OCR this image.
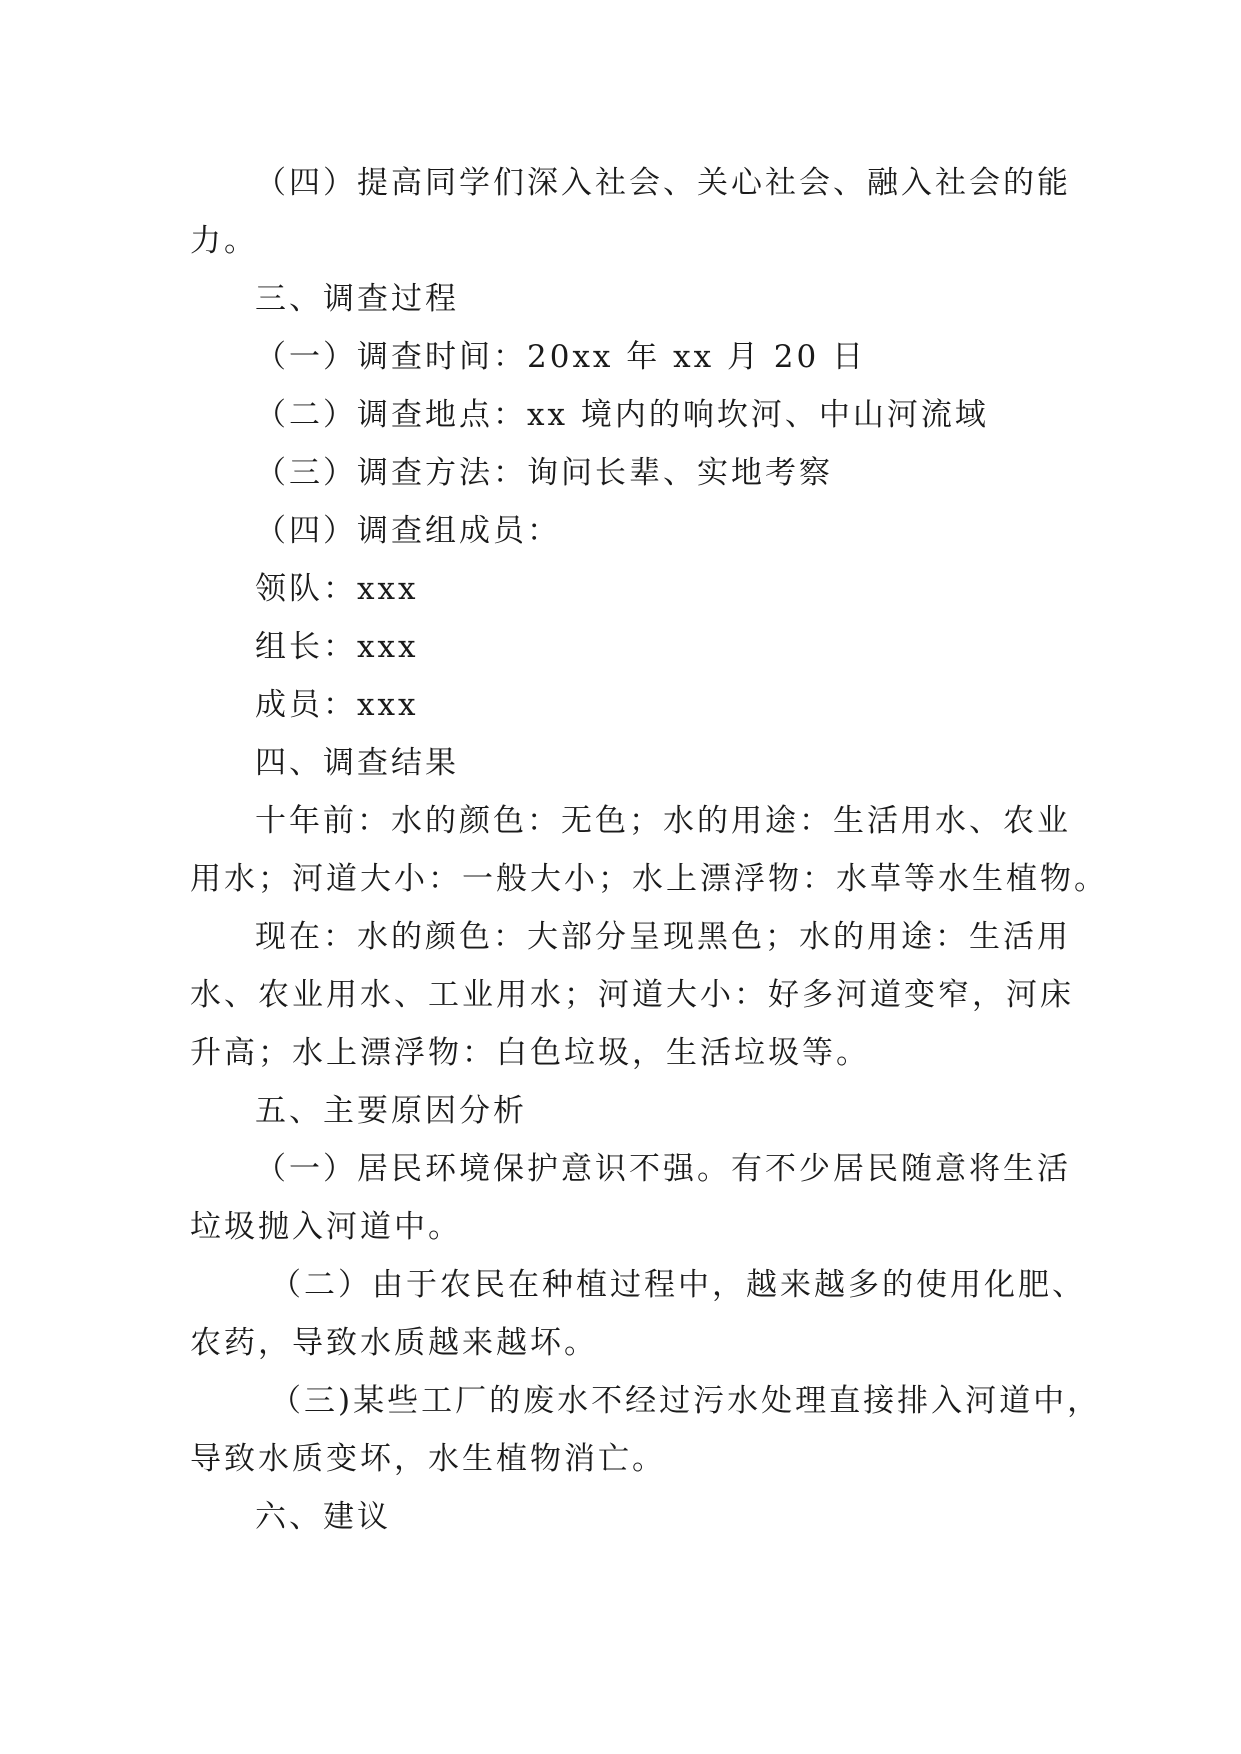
（四）提高同学们深入社会、关心社会、融入社会的能
力。
三、调查过程
（一）调查时间：20xx 年 xx 月 20 日
（二）调查地点：xx 境内的响坎河、中山河流域
（三）调查方法：询问长辈、实地考察
（四）调查组成员：
领队：xxx
组长：xxx
成员：xxx
四、调查结果
十年前：水的颜色：无色；水的用途：生活用水、农业
用水；河道大小：一般大小；水上漂浮物：水草等水生植物。
现在：水的颜色：大部分呈现黑色；水的用途：生活用
水、农业用水、工业用水；河道大小：好多河道变窄，河床
升高；水上漂浮物：白色垃圾，生活垃圾等。
五、主要原因分析
（一）居民环境保护意识不强。有不少居民随意将生活
垃圾抛入河道中。
（二）由于农民在种植过程中，越来越多的使用化肥、
农药，导致水质越来越坏。
（三)某些工厂的废水不经过污水处理直接排入河道中，
导致水质变坏，水生植物消亡。
六、建议
